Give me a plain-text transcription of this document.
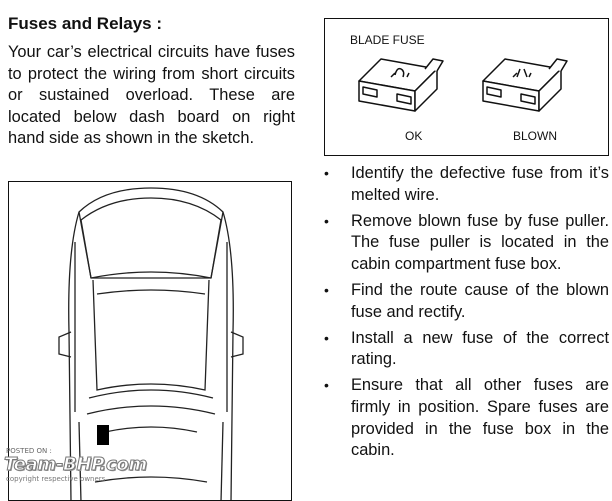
Fuses and Relays :

Your car’s electrical circuits have fuses to protect the wiring from short circuits or sustained overload. These are located below dash board on right hand side as shown in the sketch.

BLADE FUSE

OK	BLOWN

• Identify the defective fuse from it’s melted wire.
• Remove blown fuse by fuse puller. The fuse puller is located in the cabin compartment fuse box.
• Find the route cause of the blown fuse and rectify.
• Install a new fuse of the correct rating.
• Ensure that all other fuses are firmly in position. Spare fuses are provided in the fuse box in the cabin.

POSTED ON :

Team-BHP.com

copyright respective owners
